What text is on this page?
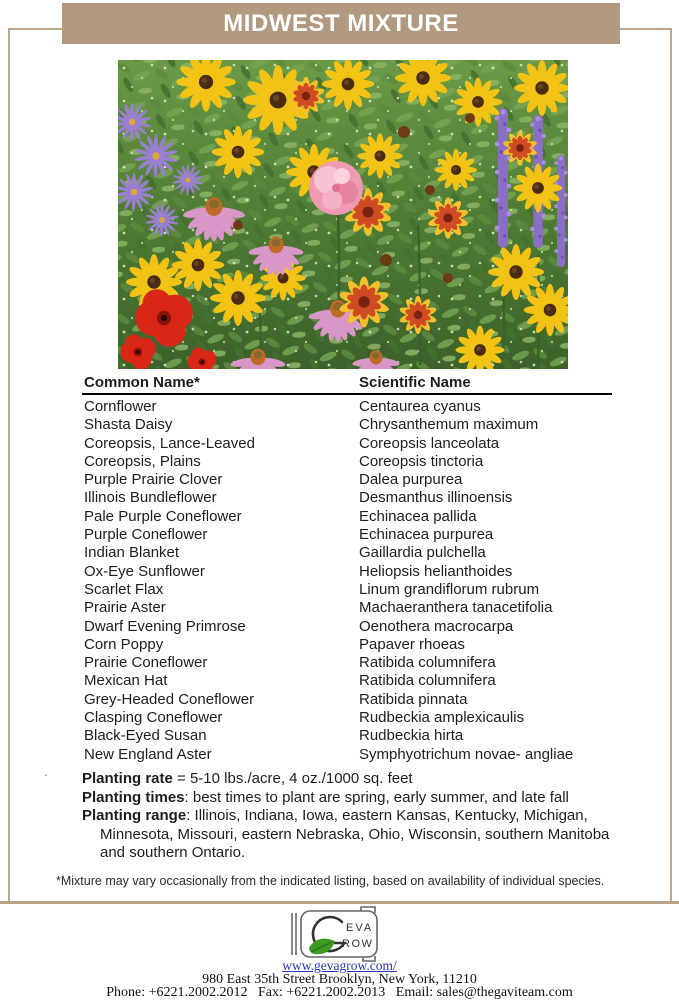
MIDWEST MIXTURE
Common Name*	Scientific Name
Cornflower	Centaurea cyanus
Shasta Daisy	Chrysanthemum maximum
Coreopsis, Lance-Leaved	Coreopsis lanceolata
Coreopsis, Plains	Coreopsis tinctoria
Purple Prairie Clover	Dalea purpurea
Illinois Bundleflower	Desmanthus illinoensis
Pale Purple Coneflower	Echinacea pallida
Purple Coneflower	Echinacea purpurea
Indian Blanket	Gaillardia pulchella
Ox-Eye Sunflower	Heliopsis helianthoides
Scarlet Flax	Linum grandiflorum rubrum
Prairie Aster	Machaeranthera tanacetifolia
Dwarf Evening Primrose	Oenothera macrocarpa
Corn Poppy	Papaver rhoeas
Prairie Coneflower	Ratibida columnifera
Mexican Hat	Ratibida columnifera
Grey-Headed Coneflower	Ratibida pinnata
Clasping Coneflower	Rudbeckia amplexicaulis
Black-Eyed Susan	Rudbeckia hirta
New England Aster	Symphyotrichum novae- angliae
. Planting rate = 5-10 lbs./acre, 4 oz./1000 sq. feet
Planting times: best times to plant are spring, early summer, and late fall
Planting range: Illinois, Indiana, Iowa, eastern Kansas, Kentucky, Michigan, Minnesota, Missouri, eastern Nebraska, Ohio, Wisconsin, southern Manitoba and southern Ontario.
*Mixture may vary occasionally from the indicated listing, based on availability of individual species.
EVA
ROW
www.gevagrow.com/
980 East 35th Street Brooklyn, New York, 11210
Phone: +6221.2002.2012   Fax: +6221.2002.2013   Email: sales@thegaviteam.com
